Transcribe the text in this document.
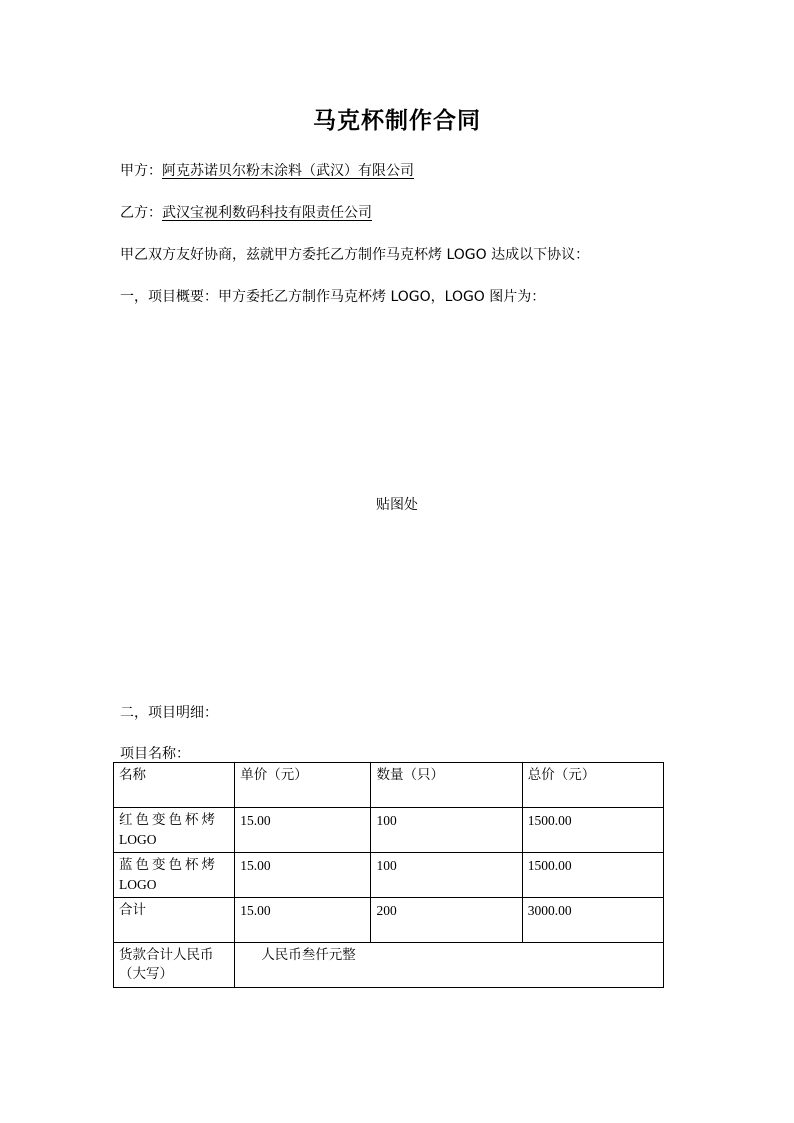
马克杯制作合同
甲方：阿克苏诺贝尔粉末涂料（武汉）有限公司
乙方：武汉宝视利数码科技有限责任公司
甲乙双方友好协商，兹就甲方委托乙方制作马克杯烤 LOGO 达成以下协议：
一，项目概要：甲方委托乙方制作马克杯烤 LOGO，LOGO 图片为：
贴图处
二，项目明细：
项目名称：
名称	单价（元）	数量（只）	总价（元）

红色变色杯烤
LOGO	15.00	100	1500.00

蓝色变色杯烤
LOGO	15.00	100	1500.00
合计	15.00	200	3000.00

货款合计人民币
（大写）	人民币叁仟元整		
